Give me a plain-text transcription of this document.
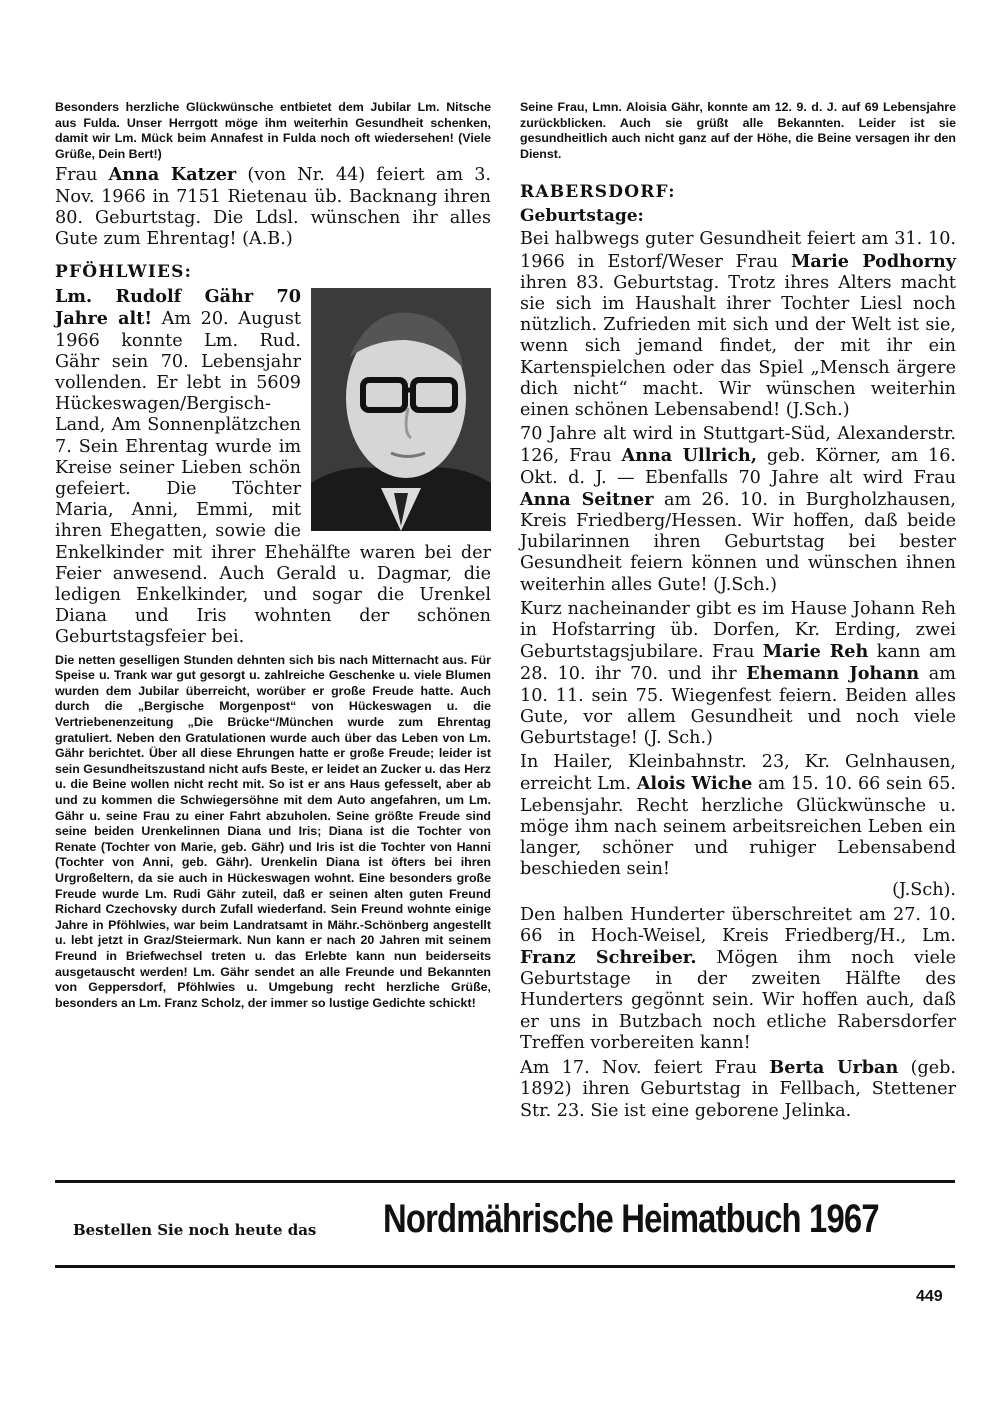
Besonders herzliche Glückwünsche entbietet dem Jubilar Lm. Nitsche aus Fulda. Unser Herrgott möge ihm weiterhin Gesundheit schenken, damit wir Lm. Mück beim Annafest in Fulda noch oft wiedersehen! (Viele Grüße, Dein Bert!)

Frau Anna Katzer (von Nr. 44) feiert am 3. Nov. 1966 in 7151 Rietenau üb. Backnang ihren 80. Geburtstag. Die Ldsl. wünschen ihr alles Gute zum Ehrentag! (A.B.)

PFÖHLWIES:

Lm. Rudolf Gähr 70 Jahre alt! Am 20. August 1966 konnte Lm. Rud. Gähr sein 70. Lebensjahr vollenden. Er lebt in 5609 Hückeswagen/Bergisch-Land, Am Sonnenplätzchen 7. Sein Ehrentag wurde im Kreise seiner Lieben schön gefeiert. Die Töchter Maria, Anni, Emmi, mit ihren Ehegatten, sowie die Enkelkinder mit ihrer Ehehälfte waren bei der Feier anwesend. Auch Gerald u. Dagmar, die ledigen Enkelkinder, und sogar die Urenkel Diana und Iris wohnten der schönen Geburtstagsfeier bei.

Die netten geselligen Stunden dehnten sich bis nach Mitternacht aus. Für Speise u. Trank war gut gesorgt u. zahlreiche Geschenke u. viele Blumen wurden dem Jubilar überreicht, worüber er große Freude hatte. Auch durch die „Bergische Morgenpost“ von Hückeswagen u. die Vertriebenenzeitung „Die Brücke“/München wurde zum Ehrentag gratuliert. Neben den Gratulationen wurde auch über das Leben von Lm. Gähr berichtet. Über all diese Ehrungen hatte er große Freude; leider ist sein Gesundheitszustand nicht aufs Beste, er leidet an Zucker u. das Herz u. die Beine wollen nicht recht mit. So ist er ans Haus gefesselt, aber ab und zu kommen die Schwiegersöhne mit dem Auto angefahren, um Lm. Gähr u. seine Frau zu einer Fahrt abzuholen. Seine größte Freude sind seine beiden Urenkelinnen Diana und Iris; Diana ist die Tochter von Renate (Tochter von Marie, geb. Gähr) und Iris ist die Tochter von Hanni (Tochter von Anni, geb. Gähr). Urenkelin Diana ist öfters bei ihren Urgroßeltern, da sie auch in Hückeswagen wohnt. Eine besonders große Freude wurde Lm. Rudi Gähr zuteil, daß er seinen alten guten Freund Richard Czechovsky durch Zufall wiederfand. Sein Freund wohnte einige Jahre in Pföhlwies, war beim Landratsamt in Mähr.-Schönberg angestellt u. lebt jetzt in Graz/Steiermark. Nun kann er nach 20 Jahren mit seinem Freund in Briefwechsel treten u. das Erlebte kann nun beiderseits ausgetauscht werden! Lm. Gähr sendet an alle Freunde und Bekannten von Geppersdorf, Pföhlwies u. Umgebung recht herzliche Grüße, besonders an Lm. Franz Scholz, der immer so lustige Gedichte schickt!

Seine Frau, Lmn. Aloisia Gähr, konnte am 12. 9. d. J. auf 69 Lebensjahre zurückblicken. Auch sie grüßt alle Bekannten. Leider ist sie gesundheitlich auch nicht ganz auf der Höhe, die Beine versagen ihr den Dienst.

RABERSDORF:
Geburtstage:

Bei halbwegs guter Gesundheit feiert am 31. 10. 1966 in Estorf/Weser Frau Marie Podhorny ihren 83. Geburtstag. Trotz ihres Alters macht sie sich im Haushalt ihrer Tochter Liesl noch nützlich. Zufrieden mit sich und der Welt ist sie, wenn sich jemand findet, der mit ihr ein Kartenspielchen oder das Spiel „Mensch ärgere dich nicht“ macht. Wir wünschen weiterhin einen schönen Lebensabend! (J.Sch.)

70 Jahre alt wird in Stuttgart-Süd, Alexanderstr. 126, Frau Anna Ullrich, geb. Körner, am 16. Okt. d. J. — Ebenfalls 70 Jahre alt wird Frau Anna Seitner am 26. 10. in Burgholzhausen, Kreis Friedberg/Hessen. Wir hoffen, daß beide Jubilarinnen ihren Geburtstag bei bester Gesundheit feiern können und wünschen ihnen weiterhin alles Gute! (J.Sch.)

Kurz nacheinander gibt es im Hause Johann Reh in Hofstarring üb. Dorfen, Kr. Erding, zwei Geburtstagsjubilare. Frau Marie Reh kann am 28. 10. ihr 70. und ihr Ehemann Johann am 10. 11. sein 75. Wiegenfest feiern. Beiden alles Gute, vor allem Gesundheit und noch viele Geburtstage! (J. Sch.)

In Hailer, Kleinbahnstr. 23, Kr. Gelnhausen, erreicht Lm. Alois Wiche am 15. 10. 66 sein 65. Lebensjahr. Recht herzliche Glückwünsche u. möge ihm nach seinem arbeitsreichen Leben ein langer, schöner und ruhiger Lebensabend beschieden sein!
(J.Sch).

Den halben Hunderter überschreitet am 27. 10. 66 in Hoch-Weisel, Kreis Friedberg/H., Lm. Franz Schreiber. Mögen ihm noch viele Geburtstage in der zweiten Hälfte des Hunderters gegönnt sein. Wir hoffen auch, daß er uns in Butzbach noch etliche Rabersdorfer Treffen vorbereiten kann!

Am 17. Nov. feiert Frau Berta Urban (geb. 1892) ihren Geburtstag in Fellbach, Stettener Str. 23. Sie ist eine geborene Jelinka.

Bestellen Sie noch heute das Nordmährische Heimatbuch 1967
449
